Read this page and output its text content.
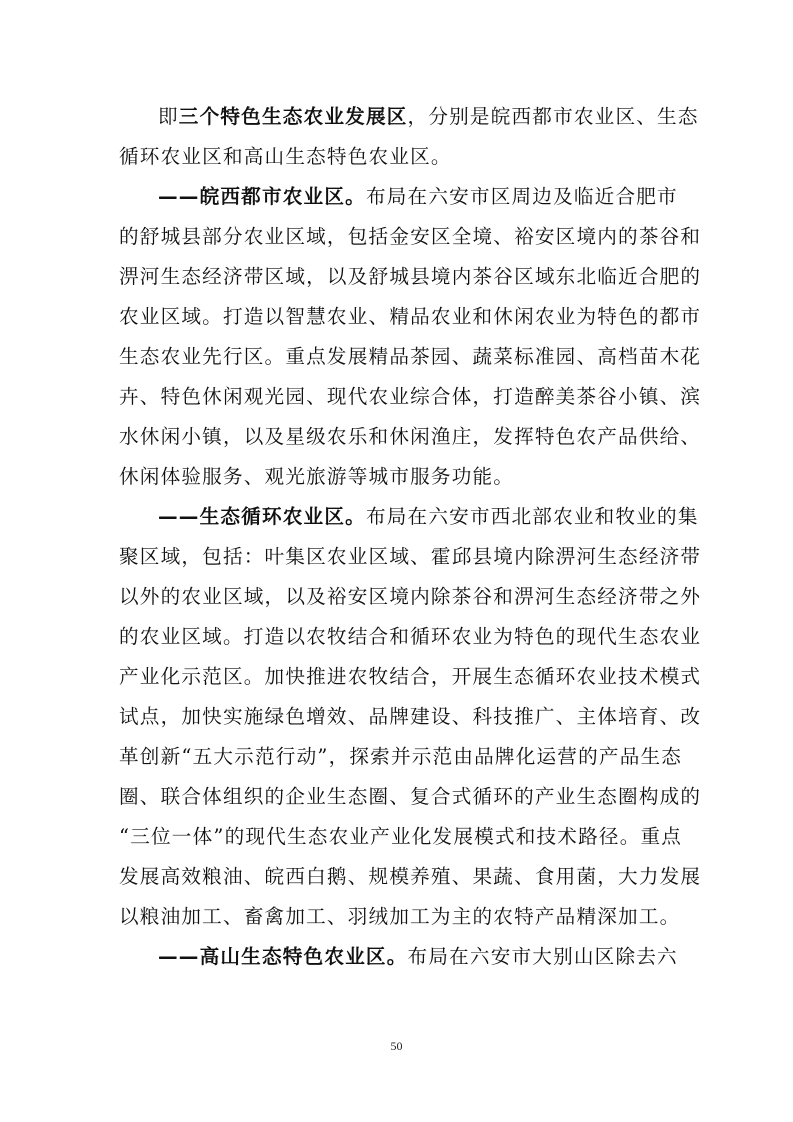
即三个特色生态农业发展区，分别是皖西都市农业区、生态
循环农业区和高山生态特色农业区。
——皖西都市农业区。布局在六安市区周边及临近合肥市
的舒城县部分农业区域，包括金安区全境、裕安区境内的茶谷和
淠河生态经济带区域，以及舒城县境内茶谷区域东北临近合肥的
农业区域。打造以智慧农业、精品农业和休闲农业为特色的都市
生态农业先行区。重点发展精品茶园、蔬菜标准园、高档苗木花
卉、特色休闲观光园、现代农业综合体，打造醉美茶谷小镇、滨
水休闲小镇，以及星级农乐和休闲渔庄，发挥特色农产品供给、
休闲体验服务、观光旅游等城市服务功能。
——生态循环农业区。布局在六安市西北部农业和牧业的集
聚区域，包括：叶集区农业区域、霍邱县境内除淠河生态经济带
以外的农业区域，以及裕安区境内除茶谷和淠河生态经济带之外
的农业区域。打造以农牧结合和循环农业为特色的现代生态农业
产业化示范区。加快推进农牧结合，开展生态循环农业技术模式
试点，加快实施绿色增效、品牌建设、科技推广、主体培育、改
革创新“五大示范行动”，探索并示范由品牌化运营的产品生态
圈、联合体组织的企业生态圈、复合式循环的产业生态圈构成的
“三位一体”的现代生态农业产业化发展模式和技术路径。重点
发展高效粮油、皖西白鹅、规模养殖、果蔬、食用菌，大力发展
以粮油加工、畜禽加工、羽绒加工为主的农特产品精深加工。
——高山生态特色农业区。布局在六安市大别山区除去六
50
